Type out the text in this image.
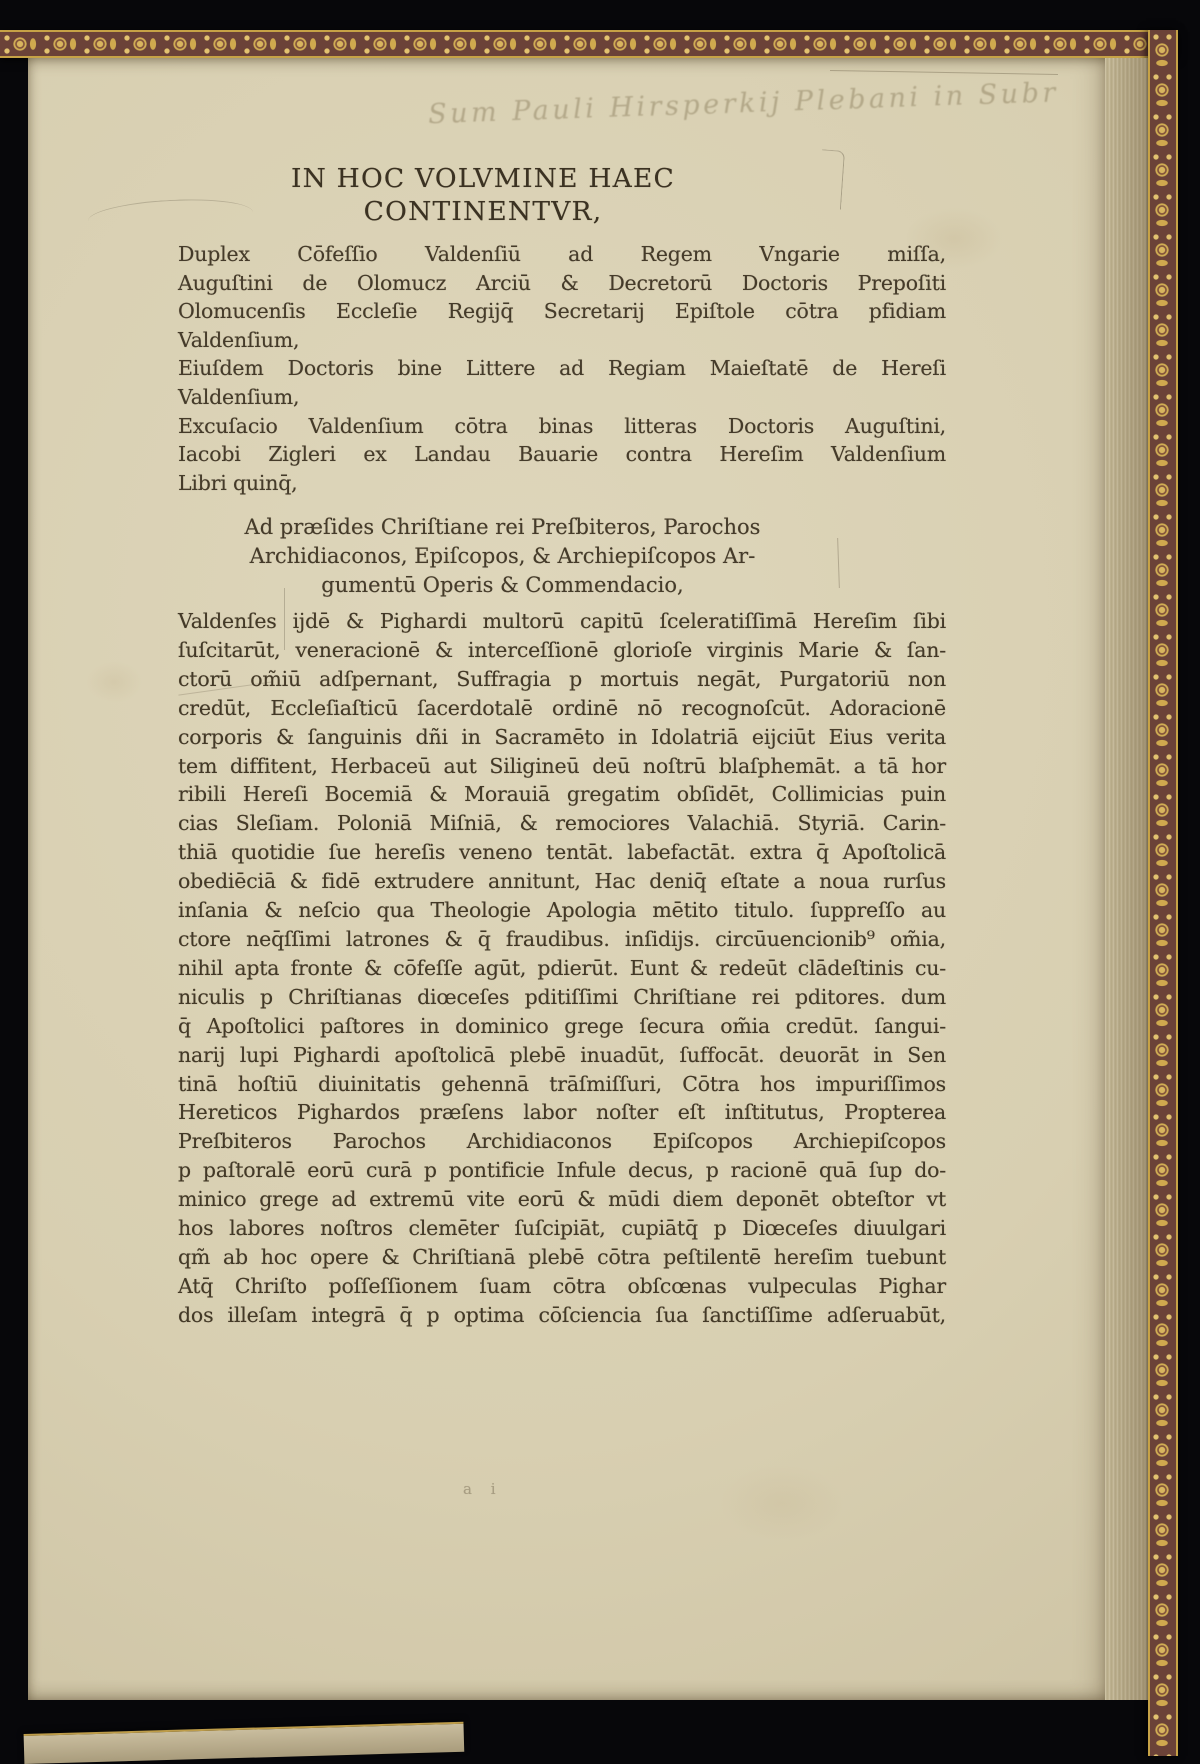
Sum Pauli Hirsperkij Plebani in Subr
IN HOC VOLVMINE HAEC
CONTINENTVR,
Duplex Cōfeſſio Valdenſiū ad Regem Vngarie miſſa,
Auguſtini de Olomucz Arciū & Decretorū Doctoris Prepoſiti
Olomucenſis Eccleſie Regijq̄ Secretarij Epiſtole cōtra pfidiam
Valdenſium,
Eiuſdem Doctoris bine Littere ad Regiam Maieſtatē de Hereſi
Valdenſium,
Excuſacio Valdenſium cōtra binas litteras Doctoris Auguſtini,
Iacobi Zigleri ex Landau Bauarie contra Hereſim Valdenſium
Libri quinq̄,
Ad præſides Chriſtiane rei Preſbiteros, Parochos
Archidiaconos, Epiſcopos, & Archiepiſcopos Ar-
gumentū Operis & Commendacio,
Valdenſes ijdē & Pighardi multorū capitū ſceleratiſſimā Hereſim ſibi
ſuſcitarūt, veneracionē & interceſſionē glorioſe virginis Marie & ſan-
ctorū om̃iū adſpernant, Suffragia p mortuis negāt, Purgatoriū non
credūt, Eccleſiaſticū ſacerdotalē ordinē nō recognoſcūt. Adoracionē
corporis & ſanguinis dñi in Sacramēto in Idolatriā eijciūt Eius verita
tem diffitent, Herbaceū aut Siligineū deū noſtrū blaſphemāt. a tā hor
ribili Hereſi Bocemiā & Morauiā gregatim obſidēt, Collimicias puin
cias Sleſiam. Poloniā Miſniā, & remociores Valachiā. Styriā. Carin-
thiā quotidie ſue hereſis veneno tentāt. labefactāt. extra q̄ Apoſtolicā
obediēciā & fidē extrudere annitunt, Hac deniq̄ eſtate a noua rurſus
inſania & neſcio qua Theologie Apologia mētito titulo. ſuppreſſo au
ctore neq̄ſſimi latrones & q̄ fraudibus. inſidijs. circūuencionib⁹ om̃ia,
nihil apta fronte & cōfeſſe agūt, pdierūt. Eunt & redeūt clādeſtinis cu-
niculis p Chriſtianas diœceſes pditiſſimi Chriſtiane rei pditores. dum
q̄ Apoſtolici paſtores in dominico grege ſecura om̃ia credūt. ſangui-
narij lupi Pighardi apoſtolicā plebē inuadūt, ſuffocāt. deuorāt in Sen
tinā hoſtiū diuinitatis gehennā trāſmiſſuri, Cōtra hos impuriſſimos
Hereticos Pighardos præſens labor noſter eſt inſtitutus, Propterea
Preſbiteros Parochos Archidiaconos Epiſcopos Archiepiſcopos
p paſtoralē eorū curā p pontificie Infule decus, p racionē quā ſup do-
minico grege ad extremū vite eorū & mūdi diem deponēt obteſtor vt
hos labores noſtros clemēter ſuſcipiāt, cupiātq̄ p Diœceſes diuulgari
qm̃ ab hoc opere & Chriſtianā plebē cōtra peſtilentē hereſim tuebunt
Atq̄ Chriſto poſſeſſionem ſuam cōtra obſcœnas vulpeculas Pighar
dos illeſam integrā q̄ p optima cōſciencia ſua ſanctiſſime adſeruabūt,
a i
